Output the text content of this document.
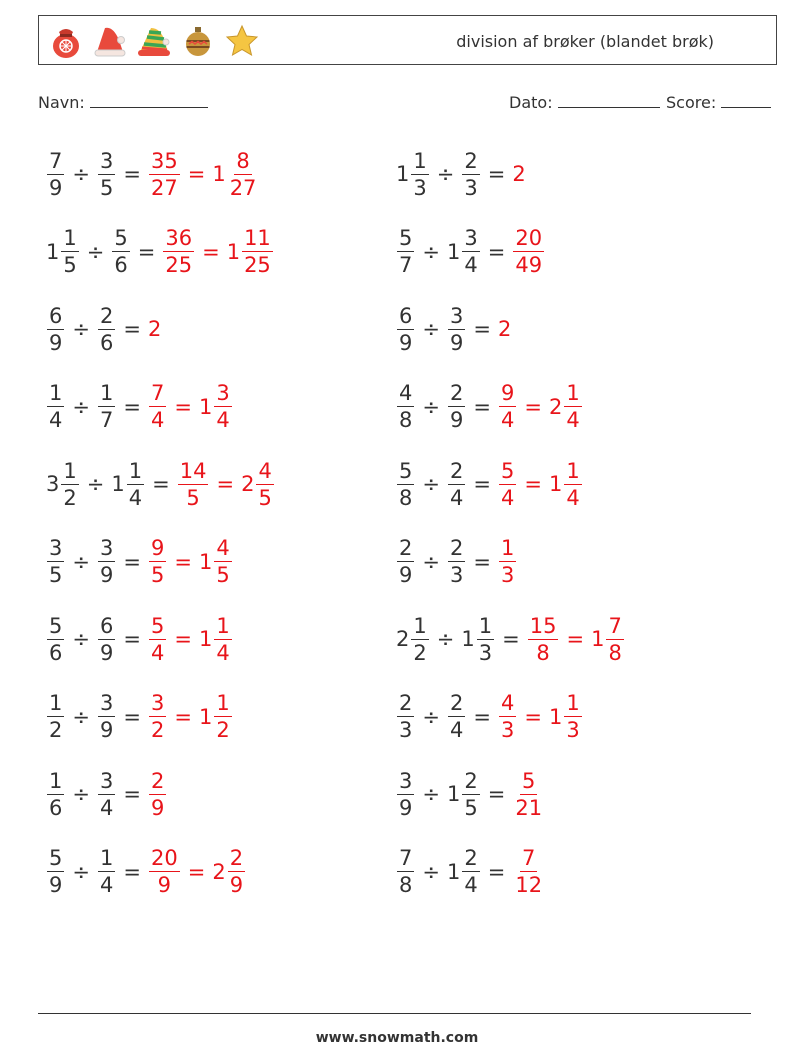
division af brøker (blandet brøk)
Navn:	Dato:	Score:
$\frac{7}{9} \div \frac{3}{5} = \frac{35}{27} = 1 \frac{8}{27}$	$1 \frac{1}{3} \div \frac{2}{3} = 2$
$1 \frac{1}{5} \div \frac{5}{6} = \frac{36}{25} = 1 \frac{11}{25}$	$\frac{5}{7} \div 1 \frac{3}{4} = \frac{20}{49}$
$\frac{6}{9} \div \frac{2}{6} = 2$	$\frac{6}{9} \div \frac{3}{9} = 2$
$\frac{1}{4} \div \frac{1}{7} = \frac{7}{4} = 1 \frac{3}{4}$	$\frac{4}{8} \div \frac{2}{9} = \frac{9}{4} = 2 \frac{1}{4}$
$3 \frac{1}{2} \div 1 \frac{1}{4} = \frac{14}{5} = 2 \frac{4}{5}$	$\frac{5}{8} \div \frac{2}{4} = \frac{5}{4} = 1 \frac{1}{4}$
$\frac{3}{5} \div \frac{3}{9} = \frac{9}{5} = 1 \frac{4}{5}$	$\frac{2}{9} \div \frac{2}{3} = \frac{1}{3}$
$\frac{5}{6} \div \frac{6}{9} = \frac{5}{4} = 1 \frac{1}{4}$	$2 \frac{1}{2} \div 1 \frac{1}{3} = \frac{15}{8} = 1 \frac{7}{8}$
$\frac{1}{2} \div \frac{3}{9} = \frac{3}{2} = 1 \frac{1}{2}$	$\frac{2}{3} \div \frac{2}{4} = \frac{4}{3} = 1 \frac{1}{3}$
$\frac{1}{6} \div \frac{3}{4} = \frac{2}{9}$	$\frac{3}{9} \div 1 \frac{2}{5} = \frac{5}{21}$
$\frac{5}{9} \div \frac{1}{4} = \frac{20}{9} = 2 \frac{2}{9}$	$\frac{7}{8} \div 1 \frac{2}{4} = \frac{7}{12}$
www.snowmath.com
